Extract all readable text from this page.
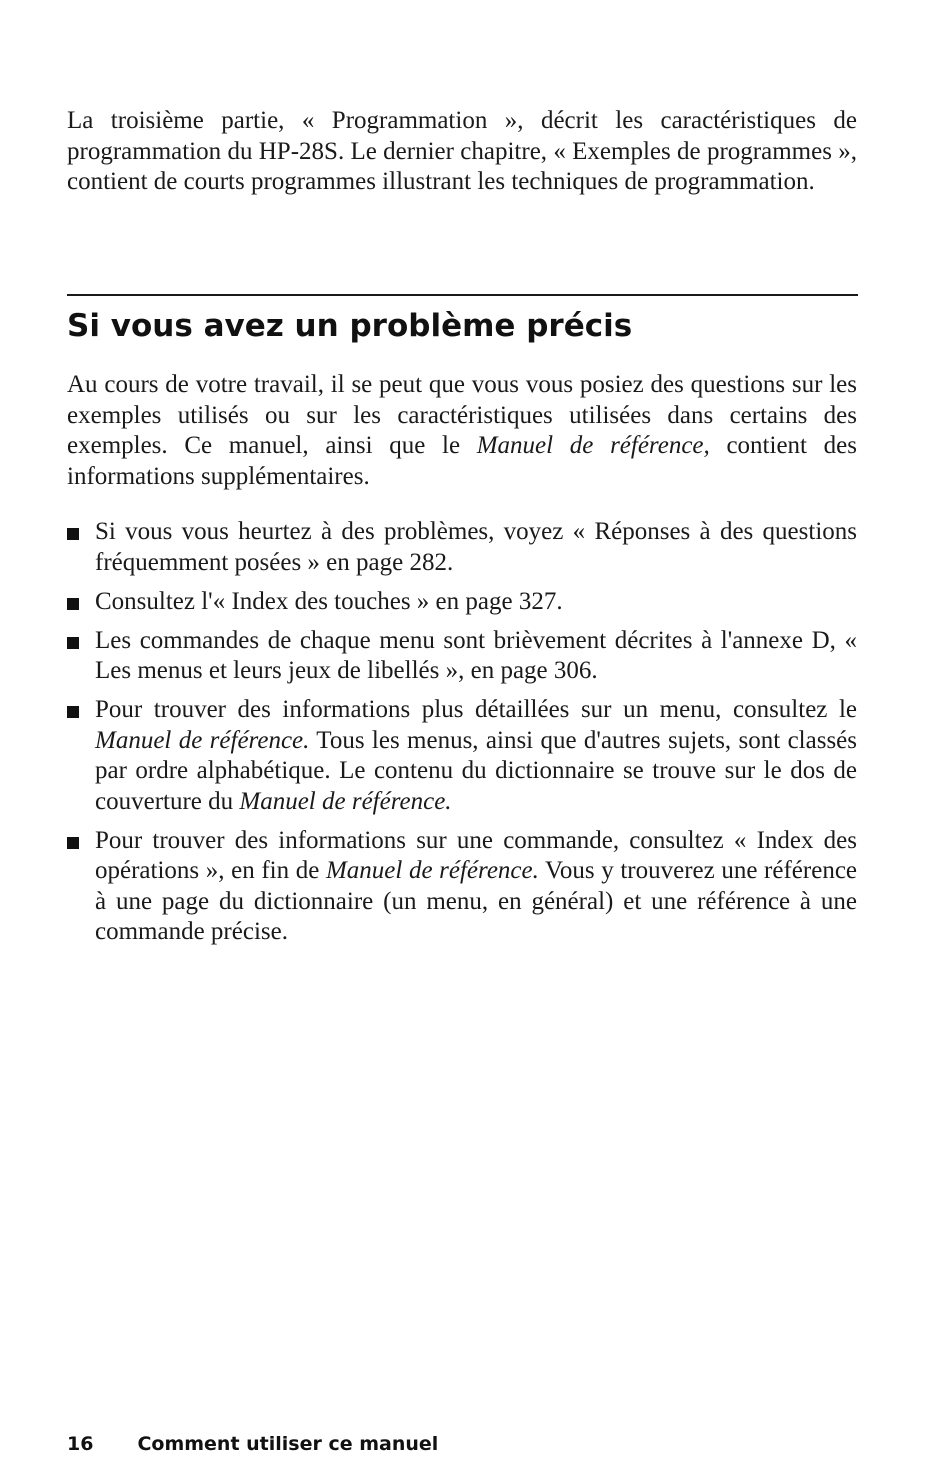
La troisième partie, « Programmation », décrit les caractéristiques de programmation du HP-28S. Le dernier chapitre, « Exemples de programmes », contient de courts programmes illustrant les techniques de programmation.

Si vous avez un problème précis

Au cours de votre travail, il se peut que vous vous posiez des questions sur les exemples utilisés ou sur les caractéristiques utilisées dans certains des exemples. Ce manuel, ainsi que le Manuel de référence, contient des informations supplémentaires.

Si vous vous heurtez à des problèmes, voyez « Réponses à des questions fréquemment posées » en page 282.
Consultez l'« Index des touches » en page 327.
Les commandes de chaque menu sont brièvement décrites à l'annexe D, « Les menus et leurs jeux de libellés », en page 306.
Pour trouver des informations plus détaillées sur un menu, consultez le Manuel de référence. Tous les menus, ainsi que d'autres sujets, sont classés par ordre alphabétique. Le contenu du dictionnaire se trouve sur le dos de couverture du Manuel de référence.
Pour trouver des informations sur une commande, consultez « Index des opérations », en fin de Manuel de référence. Vous y trouverez une référence à une page du dictionnaire (un menu, en général) et une référence à une commande précise.
16 Comment utiliser ce manuel
